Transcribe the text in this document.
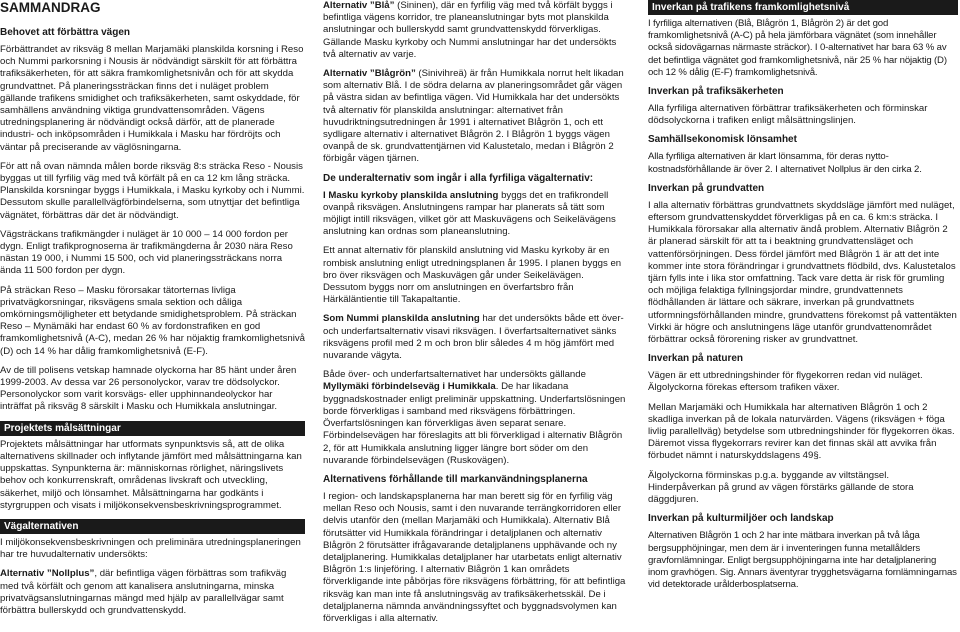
SAMMANDRAG
Behovet att förbättra vägen

Förbättrandet av riksväg 8 mellan Marjamäki planskilda korsning i Reso och Nummi parkorsning i Nousis är nödvändigt särskilt för att förbättra trafiksäkerheten, för att säkra framkomlighetsnivån och för att skydda grundvattnet. På planeringssträckan finns det i nuläget problem gällande trafikens smidighet och trafiksäkerheten, samt oskyddade, för samhällens användning viktiga grundvattensområden. Vägens utredningsplanering är nödvändigt också därför, att de planerade industri- och inköpsområden i Humikkala i Masku har fördröjts och väntar på preciserande av väglösningarna.

För att nå ovan nämnda målen borde riksväg 8:s sträcka Reso - Nousis byggas ut till fyrfilig väg med två körfält på en ca 12 km lång sträcka. Planskilda korsningar byggs i Humikkala, i Masku kyrkoby och i Nummi. Dessutom skulle parallellvägförbindelserna, som utnyttjar det befintliga vägnätet, förbättras där det är nödvändigt.

Vägsträckans trafikmängder i nuläget är 10 000 – 14 000 fordon per dygn. Enligt trafikprognoserna är trafikmängderna år 2030 nära Reso nästan 19 000, i Nummi 15 500, och vid planeringssträckans norra ända 11 500 fordon per dygn.

På sträckan Reso – Masku förorsakar tätorternas livliga privatvägkorsningar, riksvägens smala sektion och dåliga omkörningsmöjligheter ett betydande smidighetsproblem. På sträckan Reso – Mynämäki har endast 60 % av fordonstrafiken en god framkomlighetsnivå (A-C), medan 26 % har nöjaktig framkomlighetsnivå (D) och 14 % har dålig framkomlighetsnivå (E-F).

Av de till polisens vetskap hamnade olyckorna har 85 hänt under åren 1999-2003. Av dessa var 26 personolyckor, varav tre dödsolyckor. Personolyckor som varit korsvägs- eller upphinnandeolyckor har inträffat på riksväg 8 särskilt i Masku och Humikkala anslutningar.

Projektets målsättningar

Projektets målsättningar har utformats synpunktsvis så, att de olika alternativens skillnader och inflytande jämfört med målsättningarna kan uppskattas. Synpunkterna är: människornas rörlighet, näringslivets behov och konkurrenskraft, områdenas livskraft och utveckling, säkerhet, miljö och lönsamhet. Målsättningarna har godkänts i styrgruppen och visats i miljökonsekvensbeskrivningsprogrammet.

Vägalternativen

I miljökonsekvensbeskrivningen och preliminära utredningsplaneringen har tre huvudalternativ undersökts:

Alternativ ”Nollplus”, där befintliga vägen förbättras som trafikväg med två körfält och genom att kanalisera anslutningarna, minska privatvägsanslutningarnas mängd med hjälp av parallellvägar samt förbättra bullerskydd och grundvattenskydd.

Alternativ ”Blå” (Sininen), där en fyrfilig väg med två körfält byggs i befintliga vägens korridor, tre planeanslutningar byts mot planskilda anslutningar och bullerskydd samt grundvattenskydd förverkligas. Gällande Masku kyrkoby och Nummi anslutningar har det undersökts två alternativ av varje.

Alternativ ”Blågrön” (Sinivihreä) är från Humikkala norrut helt likadan som alternativ Blå. I de södra delarna av planeringsområdet går vägen på västra sidan av befintliga vägen. Vid Humikkala har det undersökts två alternativ för planskilda anslutningar: alternativet från huvudriktningsutredningen år 1991 i alternativet Blågrön 1, och ett sydligare alternativ i alternativet Blågrön 2. I Blågrön 1 byggs vägen ovanpå de sk. grundvattentjärnen vid Kalustetalo, medan i Blågrön 2 förbigår vägen tjärnen.

De underalternativ som ingår i alla fyrfiliga vägalternativ:

I Masku kyrkoby planskilda anslutning byggs det en trafikrondell ovanpå riksvägen. Anslutningens rampar har planerats så tätt som möjligt intill riksvägen, vilket gör att Maskuvägens och Seikelävägens anslutning kan ordnas som planeanslutning.

Ett annat alternativ för planskild anslutning vid Masku kyrkoby är en rombisk anslutning enligt utredningsplanen år 1995. I planen byggs en bro över riksvägen och Maskuvägen går under Seikelävägen. Dessutom byggs norr om anslutningen en överfartsbro från Härkäläntientie till Takapaltantie.

Som Nummi planskilda anslutning har det undersökts både ett över- och underfartsalternativ visavi riksvägen. I överfartsalternativet sänks riksvägens profil med 2 m och bron blir således 4 m hög jämfört med nuvarande vägyta.

Både över- och underfartsalternativet har undersökts gällande Myllymäki förbindelseväg i Humikkala. De har likadana byggnadskostnader enligt preliminär uppskattning. Underfartslösningen borde förverkligas i samband med riksvägens förbättringen. Överfartslösningen kan förverkligas även separat senare. Förbindelsevägen har föreslagits att bli förverkligad i alternativ Blågrön 2, för att Humikkala anslutning ligger längre bort söder om den nuvarande förbindelsevägen (Ruskovägen).

Alternativens förhållande till markanvändningsplanerna

I region- och landskapsplanerna har man berett sig för en fyrfilig väg mellan Reso och Nousis, samt i den nuvarande terrängkorridoren eller delvis utanför den (mellan Marjamäki och Humikkala). Alternativ Blå förutsätter vid Humikkala förändringar i detaljplanen och alternativ Blågrön 2 förutsätter ifrågavarande detaljplanens upphävande och ny detaljplanering. Humikkalas detaljplaner har utarbetats enligt alternativ Blågrön 1:s linjeföring. I alternativ Blågrön 1 kan områdets förverkligande inte påbörjas före riksvägens förbättring, för att befintliga riksväg kan man inte få anslutningsväg av trafiksäkerhetsskäl. De i detaljplanerna nämnda användningssyftet och byggnadsvolymen kan förverkligas i alla alternativ.

Inverkan på trafikens framkomlighetsnivå

I fyrfiliga alternativen (Blå, Blågrön 1, Blågrön 2) är det god framkomlighetsnivå (A-C) på hela jämförbara vägnätet (som innehåller också sidovägarnas närmaste sträckor). I 0-alternativet har bara 63 % av det befintliga vägnätet god framkomlighetsnivå, när 25 % har nöjaktig (D) och 12 % dålig (E-F) framkomlighetsnivå.

Inverkan på trafiksäkerheten

Alla fyrfiliga alternativen förbättrar trafiksäkerheten och förminskar dödsolyckorna i trafiken enligt målsättningslinjen.

Samhällsekonomisk lönsamhet

Alla fyrfiliga alternativen är klart lönsamma, för deras nytto-kostnadsförhållande är över 2. I alternativet Nollplus är den cirka 2.

Inverkan på grundvatten

I alla alternativ förbättras grundvattnets skyddsläge jämfört med nuläget, eftersom grundvattenskyddet förverkligas på en ca. 6 km:s sträcka. I Humikkala förorsakar alla alternativ ändå problem. Alternativ Blågrön 2 är planerad särskilt för att ta i beaktning grundvattensläget och vattenförsörjningen. Dess fördel jämfört med Blågrön 1 är att det inte kommer inte stora förändringar i grundvattnets flödbild, dvs. Kalustetalos tjärn fylls inte i lika stor omfattning. Tack vare detta är risk för grumling och möjliga felaktiga fyllningsjordar mindre, grundvattennets flödhållanden är lättare och säkrare, inverkan på grundvattnets utformningsförhållanden mindre, grundvattens förekomst på vattentäkten Virkki är högre och anslutningens läge utanför grundvattenområdet förbättrar också förorening risker av grundvattnet.

Inverkan på naturen

Vägen är ett utbredningshinder för flygekorren redan vid nuläget. Älgolyckorna förekas eftersom trafiken växer.

Mellan Marjamäki och Humikkala har alternativen Blågrön 1 och 2 skadliga inverkan på de lokala naturvärden. Vägens (riksvägen + föga livlig parallellväg) betydelse som utbredningshinder för flygekorren ökas. Däremot vissa flygekorrars revirer kan det finnas skäl att avvika från förbudet nämnt i naturskyddslagens 49§.

Älgolyckorna förminskas p.g.a. byggande av viltstängsel. Hinderpåverkan på grund av vägen förstärks gällande de stora däggdjuren.

Inverkan på kulturmiljöer och landskap

Alternativen Blågrön 1 och 2 har inte mätbara inverkan på två låga bergsupphöjningar, men dem är i inventeringen funna metallålders gravfornlämningar. Enligt bergsupphöjningarna inte har detaljplanering inom gravhögen. Sig. Annars äventyrar trygghetsvägarna fornlämningarnas vid detektorade urålderbosplatserna.
